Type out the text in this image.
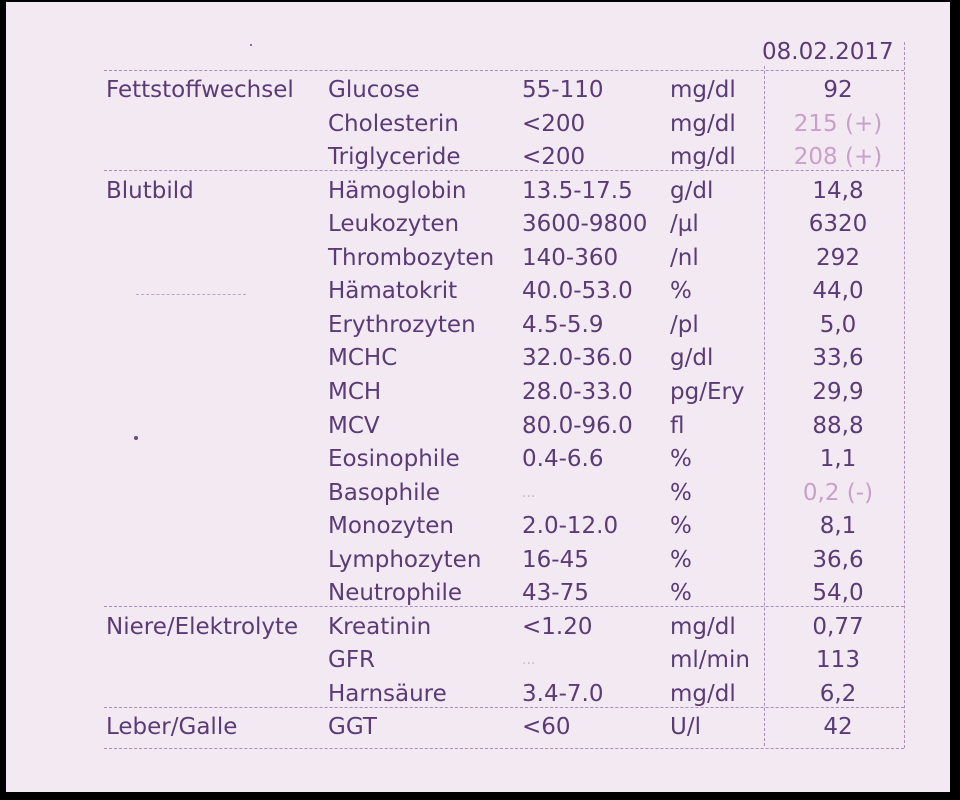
08.02.2017
Fettstoffwechsel	Glucose	55-110	mg/dl	92
Cholesterin	<200	mg/dl	215 (+)
Triglyceride	<200	mg/dl	208 (+)
Blutbild	Hämoglobin	13.5-17.5	g/dl	14,8
Leukozyten	3600-9800 /µl	6320
Thrombozyten	140-360	/nl	292
Hämatokrit	40.0-53.0	%	44,0
Erythrozyten	4.5-5.9	/pl	5,0
MCHC	32.0-36.0	g/dl	33,6
MCH	28.0-33.0	pg/Ery	29,9
MCV	80.0-96.0	fl	88,8
Eosinophile	0.4-6.6	%	1,1
Basophile	...	%	0,2 (-)
Monozyten	2.0-12.0	%	8,1
Lymphozyten	16-45	%	36,6
Neutrophile	43-75	%	54,0
Niere/Elektrolyte	Kreatinin	<1.20	mg/dl	0,77
GFR	...	ml/min	113
Harnsäure	3.4-7.0	mg/dl	6,2
Leber/Galle	GGT	<60	U/l	42
